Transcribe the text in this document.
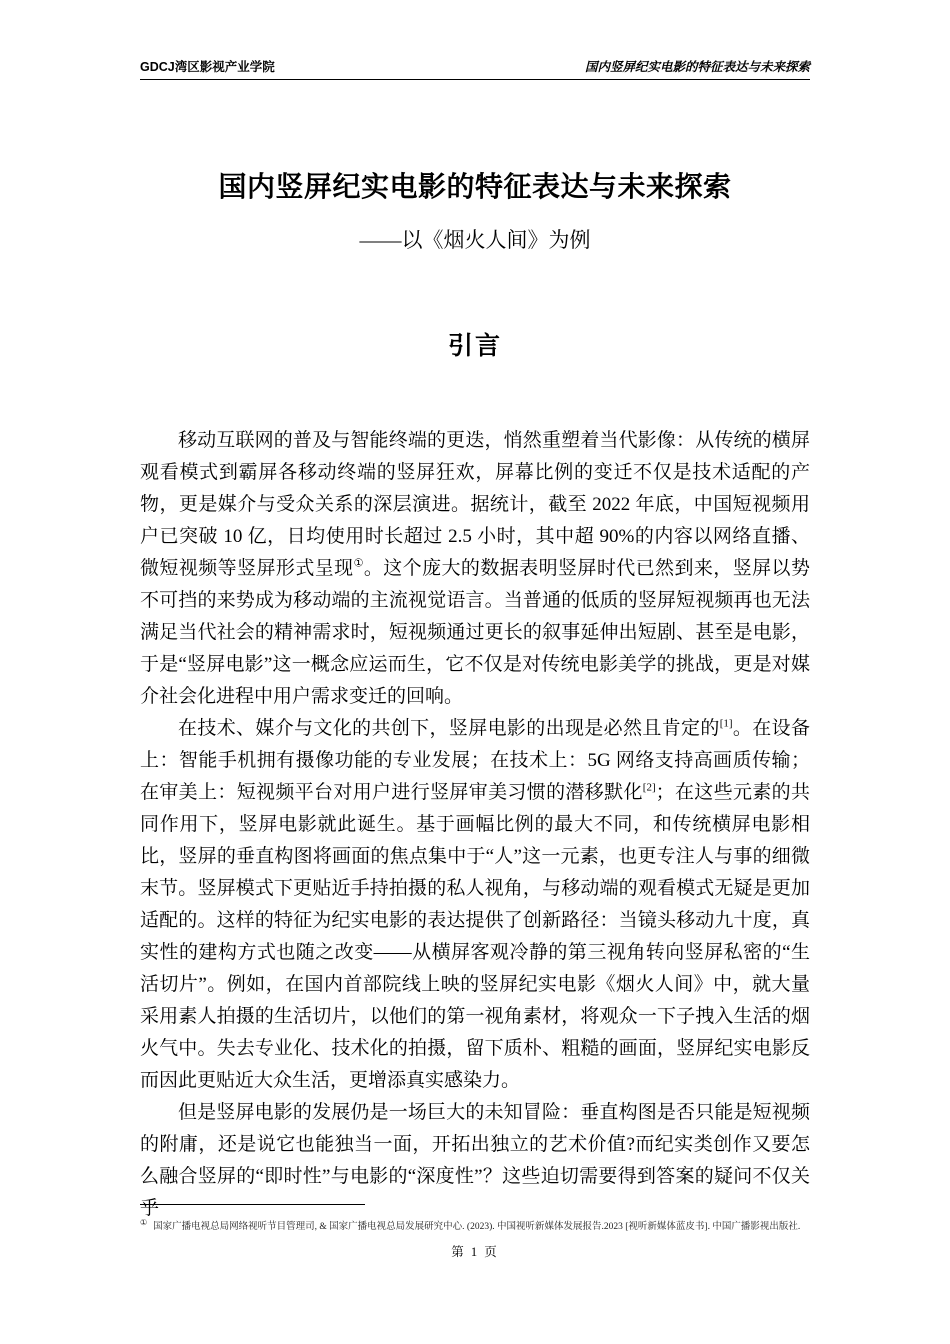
GDCJ湾区影视产业学院	国内竖屏纪实电影的特征表达与未来探索
国内竖屏纪实电影的特征表达与未来探索
——以《烟火人间》为例
引言

移动互联网的普及与智能终端的更迭，悄然重塑着当代影像：从传统的横屏观看模式到霸屏各移动终端的竖屏狂欢，屏幕比例的变迁不仅是技术适配的产物，更是媒介与受众关系的深层演进。据统计，截至 2022 年底，中国短视频用户已突破 10 亿，日均使用时长超过 2.5 小时，其中超 90%的内容以网络直播、微短视频等竖屏形式呈现①。这个庞大的数据表明竖屏时代已然到来，竖屏以势不可挡的来势成为移动端的主流视觉语言。当普通的低质的竖屏短视频再也无法满足当代社会的精神需求时，短视频通过更长的叙事延伸出短剧、甚至是电影，于是“竖屏电影”这一概念应运而生，它不仅是对传统电影美学的挑战，更是对媒介社会化进程中用户需求变迁的回响。

在技术、媒介与文化的共创下，竖屏电影的出现是必然且肯定的[1]。在设备上：智能手机拥有摄像功能的专业发展；在技术上：5G 网络支持高画质传输；在审美上：短视频平台对用户进行竖屏审美习惯的潜移默化[2]；在这些元素的共同作用下，竖屏电影就此诞生。基于画幅比例的最大不同，和传统横屏电影相比，竖屏的垂直构图将画面的焦点集中于“人”这一元素，也更专注人与事的细微末节。竖屏模式下更贴近手持拍摄的私人视角，与移动端的观看模式无疑是更加适配的。这样的特征为纪实电影的表达提供了创新路径：当镜头移动九十度，真实性的建构方式也随之改变——从横屏客观冷静的第三视角转向竖屏私密的“生活切片”。例如，在国内首部院线上映的竖屏纪实电影《烟火人间》中，就大量采用素人拍摄的生活切片，以他们的第一视角素材，将观众一下子拽入生活的烟火气中。失去专业化、技术化的拍摄，留下质朴、粗糙的画面，竖屏纪实电影反而因此更贴近大众生活，更增添真实感染力。

但是竖屏电影的发展仍是一场巨大的未知冒险：垂直构图是否只能是短视频的附庸，还是说它也能独当一面，开拓出独立的艺术价值?而纪实类创作又要怎么融合竖屏的“即时性”与电影的“深度性”？这些迫切需要得到答案的疑问不仅关乎

① 国家广播电视总局网络视听节目管理司, & 国家广播电视总局发展研究中心. (2023). 中国视听新媒体发展报告.2023 [视听新媒体蓝皮书]. 中国广播影视出版社.
第 1 页
